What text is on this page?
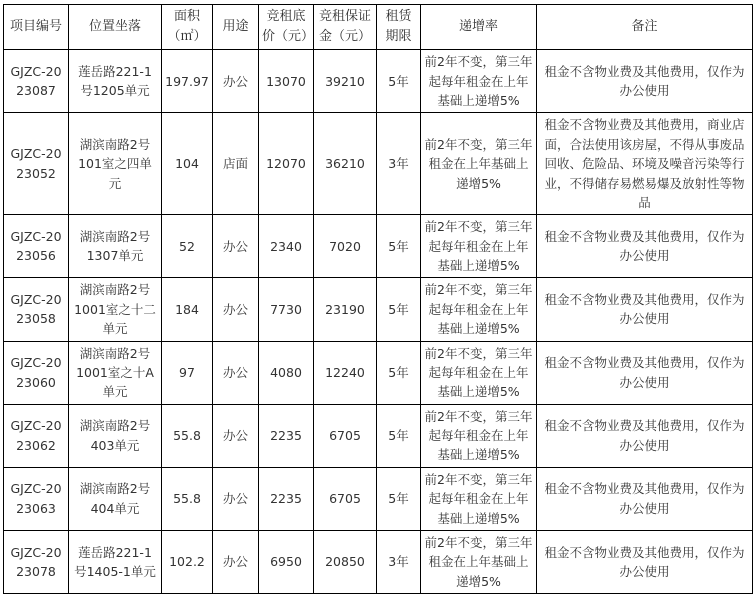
项目编号	位置坐落	面积（㎡）	用途	竞租底价（元）	竞租保证金（元）	租赁期限	递增率	备注
GJZC-2023087	莲岳路221-1号1205单元	197.97	办公	13070	39210	5年	前2年不变，第三年起每年租金在上年基础上递增5%	租金不含物业费及其他费用，仅作为办公使用
GJZC-2023052	湖滨南路2号101室之四单元	104	店面	12070	36210	3年	前2年不变，第三年租金在上年基础上递增5%	租金不含物业费及其他费用，商业店面，合法使用该房屋，不得从事废品回收、危险品、环境及噪音污染等行业，不得储存易燃易爆及放射性等物品
GJZC-2023056	湖滨南路2号1307单元	52	办公	2340	7020	5年	前2年不变，第三年起每年租金在上年基础上递增5%	租金不含物业费及其他费用，仅作为办公使用
GJZC-2023058	湖滨南路2号1001室之十二单元	184	办公	7730	23190	5年	前2年不变，第三年起每年租金在上年基础上递增5%	租金不含物业费及其他费用，仅作为办公使用
GJZC-2023060	湖滨南路2号1001室之十A单元	97	办公	4080	12240	5年	前2年不变，第三年起每年租金在上年基础上递增5%	租金不含物业费及其他费用，仅作为办公使用
GJZC-2023062	湖滨南路2号403单元	55.8	办公	2235	6705	5年	前2年不变，第三年起每年租金在上年基础上递增5%	租金不含物业费及其他费用，仅作为办公使用
GJZC-2023063	湖滨南路2号404单元	55.8	办公	2235	6705	5年	前2年不变，第三年起每年租金在上年基础上递增5%	租金不含物业费及其他费用，仅作为办公使用
GJZC-2023078	莲岳路221-1号1405-1单元	102.2	办公	6950	20850	3年	前2年不变，第三年租金在上年基础上递增5%	租金不含物业费及其他费用，仅作为办公使用
